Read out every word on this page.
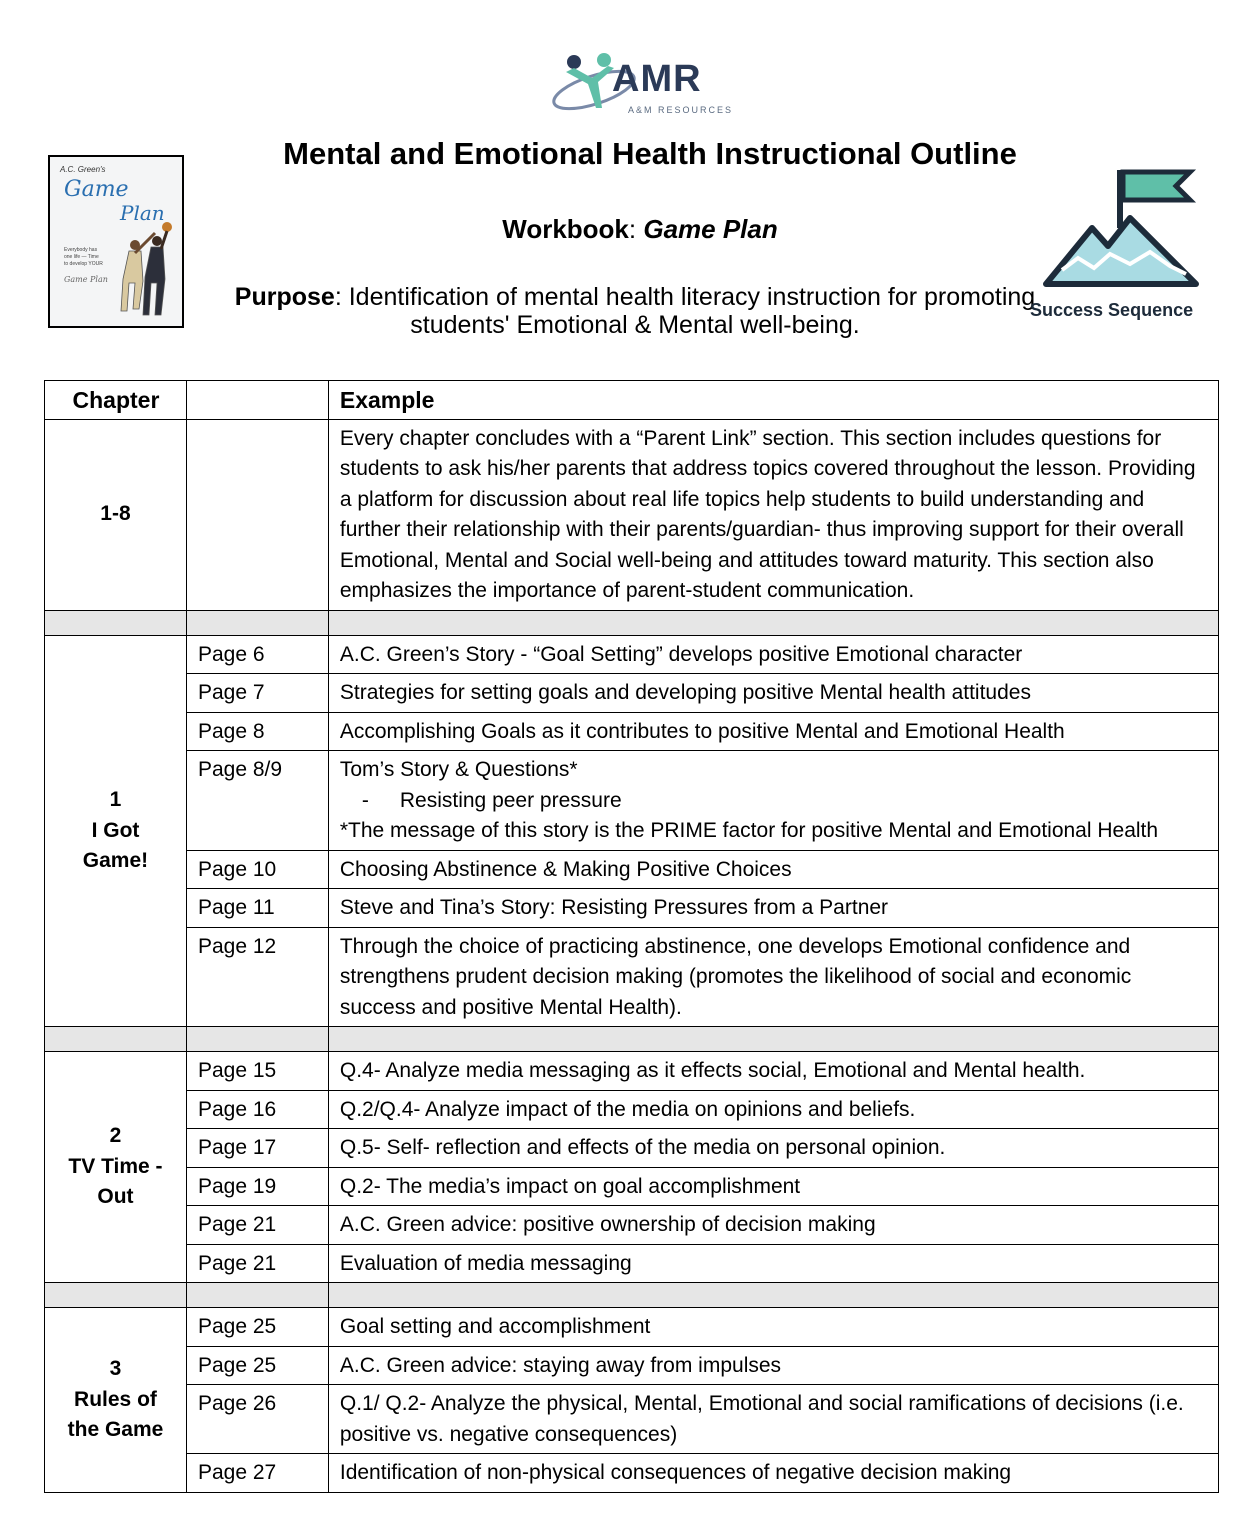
AMR
A&M RESOURCES
A.C. Green's
Game
Plan
Everybody has one life — Time to develop YOUR
Game Plan
Mental and Emotional Health Instructional Outline
Workbook: Game Plan
Purpose: Identification of mental health literacy instruction for promoting students' Emotional & Mental well-being.
Success Sequence
Chapter		Example
1-8		Every chapter concludes with a “Parent Link” section. This section includes questions for students to ask his/her parents that address topics covered throughout the lesson. Providing a platform for discussion about real life topics help students to build understanding and further their relationship with their parents/guardian- thus improving support for their overall Emotional, Mental and Social well-being and attitudes toward maturity. This section also emphasizes the importance of parent-student communication.

1
I Got
Game!	Page 6	A.C. Green’s Story - “Goal Setting” develops positive Emotional character
	Page 7	Strategies for setting goals and developing positive Mental health attitudes
	Page 8	Accomplishing Goals as it contributes to positive Mental and Emotional Health
	Page 8/9	Tom’s Story & Questions*
- Resisting peer pressure
*The message of this story is the PRIME factor for positive Mental and Emotional Health

	Page 10	Choosing Abstinence & Making Positive Choices
	Page 11	Steve and Tina’s Story: Resisting Pressures from a Partner
	Page 12	Through the choice of practicing abstinence, one develops Emotional confidence and strengthens prudent decision making (promotes the likelihood of social and economic success and positive Mental Health).

2
TV Time -
Out	Page 15	Q.4- Analyze media messaging as it effects social, Emotional and Mental health.
	Page 16	Q.2/Q.4- Analyze impact of the media on opinions and beliefs.
	Page 17	Q.5- Self- reflection and effects of the media on personal opinion.
	Page 19	Q.2- The media’s impact on goal accomplishment
	Page 21	A.C. Green advice: positive ownership of decision making
	Page 21	Evaluation of media messaging

3
Rules of
the Game	Page 25	Goal setting and accomplishment
	Page 25	A.C. Green advice: staying away from impulses
	Page 26	Q.1/ Q.2- Analyze the physical, Mental, Emotional and social ramifications of decisions (i.e. positive vs. negative consequences)
	Page 27	Identification of non-physical consequences of negative decision making
